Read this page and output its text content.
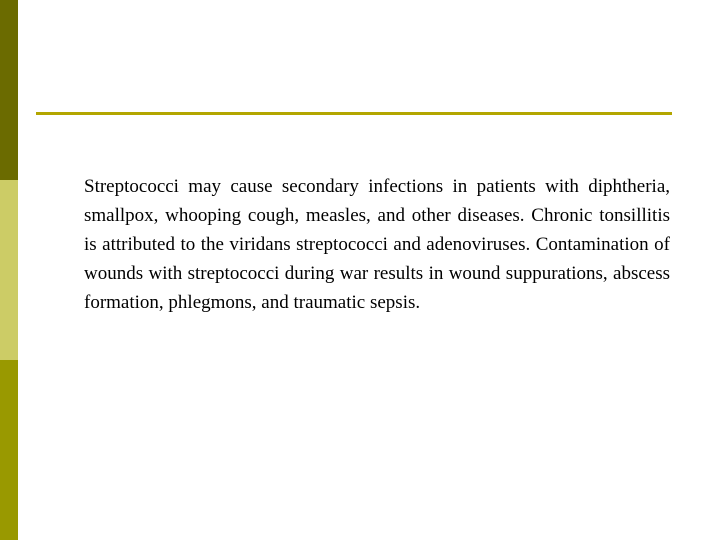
Streptococci may cause secondary infections in patients with diphtheria, smallpox, whooping cough, measles, and other diseases. Chronic tonsillitis is attributed to the viridans streptococci and adenoviruses. Contamination of wounds with streptococci during war results in wound suppurations, abscess formation, phlegmons, and traumatic sepsis.
